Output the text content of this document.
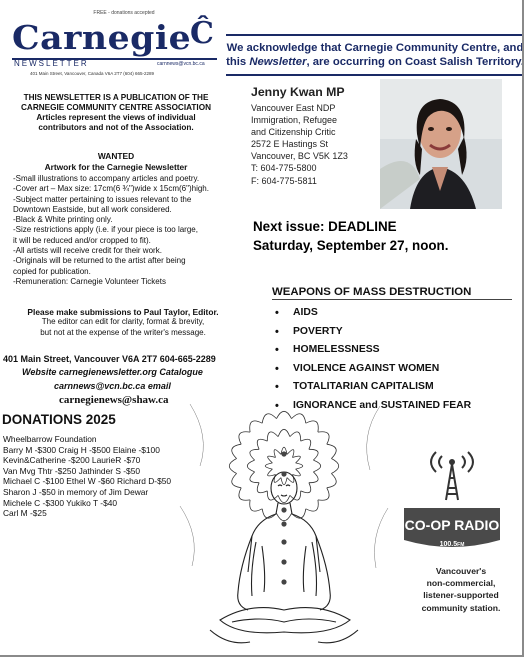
FREE - donations accepted
Carnegie
Ĉ
NEWSLETTER	carnnews@vcn.bc.ca
401 Main Street, Vancouver, Canada V6A 2T7 (604) 665-2289
We acknowledge that Carnegie Community Centre, and this Newsletter, are occurring on Coast Salish Territory.
THIS NEWSLETTER IS A PUBLICATION OF THE
CARNEGIE COMMUNITY CENTRE ASSOCIATION
Articles represent the views of individual
contributors and not of the Association.
WANTED
Artwork for the Carnegie Newsletter
-Small illustrations to accompany articles and poetry.
-Cover art – Max size: 17cm(6 ¾")wide x 15cm(6")high.
-Subject matter pertaining to issues relevant to the
Downtown Eastside, but all work considered.
-Black & White printing only.
-Size restrictions apply (i.e. if your piece is too large,
it will be reduced and/or cropped to fit).
-All artists will receive credit for their work.
-Originals will be returned to the artist after being
copied for publication.
-Remuneration: Carnegie Volunteer Tickets
Please make submissions to Paul Taylor, Editor.
The editor can edit for clarity, format & brevity,
but not at the expense of the writer's message.
401 Main Street, Vancouver V6A 2T7 604-665-2289
Website carnegienewsletter.org Catalogue
carnnews@vcn.bc.ca email
carnegienews@shaw.ca
DONATIONS 2025
Wheelbarrow Foundation
Barry M -$300 Craig H -$500 Elaine -$100
Kevin&Catherine -$200 LaurieR -$70
Van Mvg Thtr -$250 Jathinder S -$50
Michael C -$100 Ethel W -$60 Richard D-$50
Sharon J -$50 in memory of Jim Dewar
Michele C -$300 Yukiko T -$40
Carl M -$25
Jenny Kwan MP
Vancouver East NDP
Immigration, Refugee
and Citizenship Critic
2572 E Hastings St
Vancouver, BC V5K 1Z3
T: 604-775-5800
F: 604-775-5811
Next issue: DEADLINE
Saturday, September 27, noon.
WEAPONS OF MASS DESTRUCTION
• AIDS
• POVERTY
• HOMELESSNESS
• VIOLENCE AGAINST WOMEN
• TOTALITARIAN CAPITALISM
• IGNORANCE and SUSTAINED FEAR
CO-OP RADIO
100.5FM
Vancouver's
non-commercial,
listener-supported
community station.
